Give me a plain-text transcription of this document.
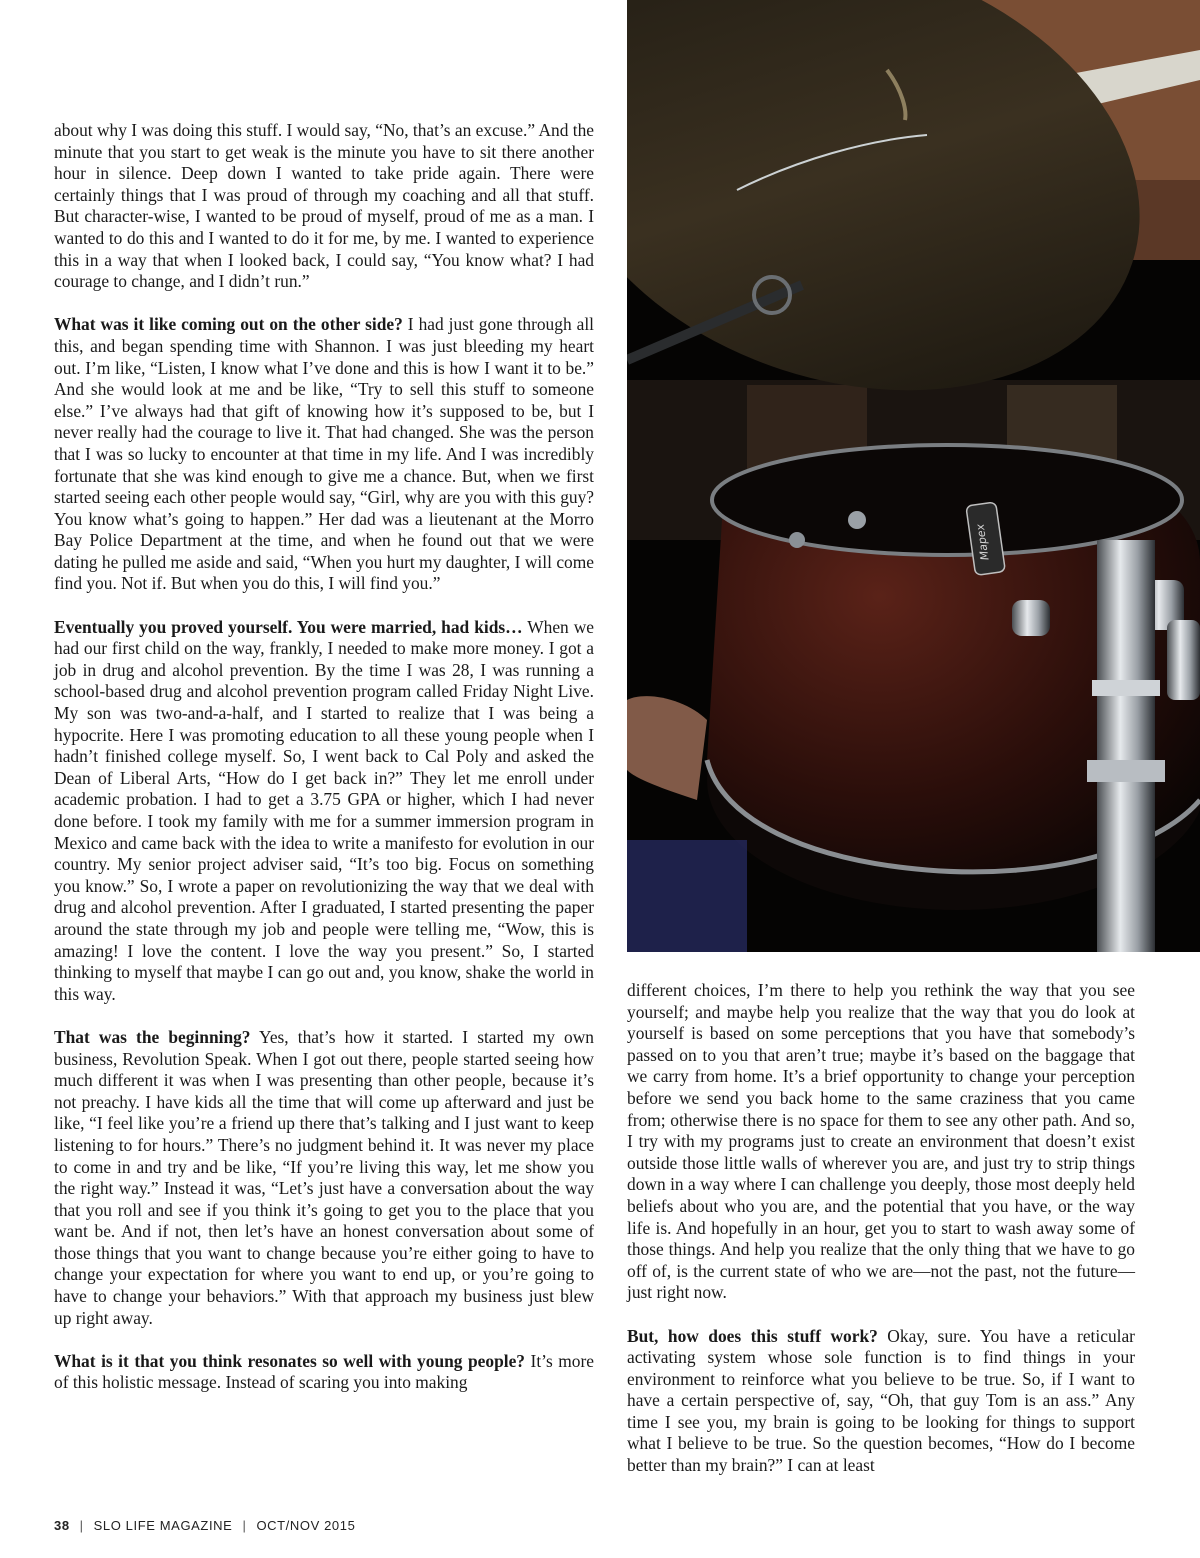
Mapex

about why I was doing this stuff. I would say, “No, that’s an excuse.” And the minute that you start to get weak is the minute you have to sit there another hour in silence. Deep down I wanted to take pride again. There were certainly things that I was proud of through my coaching and all that stuff. But character-wise, I wanted to be proud of myself, proud of me as a man. I wanted to do this and I wanted to do it for me, by me. I wanted to experience this in a way that when I looked back, I could say, “You know what? I had courage to change, and I didn’t run.”

What was it like coming out on the other side? I had just gone through all this, and began spending time with Shannon. I was just bleeding my heart out. I’m like, “Listen, I know what I’ve done and this is how I want it to be.” And she would look at me and be like, “Try to sell this stuff to someone else.” I’ve always had that gift of knowing how it’s supposed to be, but I never really had the courage to live it. That had changed. She was the person that I was so lucky to encounter at that time in my life. And I was incredibly fortunate that she was kind enough to give me a chance. But, when we first started seeing each other people would say, “Girl, why are you with this guy? You know what’s going to happen.” Her dad was a lieutenant at the Morro Bay Police Department at the time, and when he found out that we were dating he pulled me aside and said, “When you hurt my daughter, I will come find you. Not if. But when you do this, I will find you.”

Eventually you proved yourself. You were married, had kids… When we had our first child on the way, frankly, I needed to make more money. I got a job in drug and alcohol prevention. By the time I was 28, I was running a school-based drug and alcohol prevention program called Friday Night Live. My son was two-and-a-half, and I started to realize that I was being a hypocrite. Here I was promoting education to all these young people when I hadn’t finished college myself. So, I went back to Cal Poly and asked the Dean of Liberal Arts, “How do I get back in?” They let me enroll under academic probation. I had to get a 3.75 GPA or higher, which I had never done before. I took my family with me for a summer immersion program in Mexico and came back with the idea to write a manifesto for evolution in our country. My senior project adviser said, “It’s too big. Focus on something you know.” So, I wrote a paper on revolutionizing the way that we deal with drug and alcohol prevention. After I graduated, I started presenting the paper around the state through my job and people were telling me, “Wow, this is amazing! I love the content. I love the way you present.” So, I started thinking to myself that maybe I can go out and, you know, shake the world in this way.

That was the beginning? Yes, that’s how it started. I started my own business, Revolution Speak. When I got out there, people started seeing how much different it was when I was presenting than other people, because it’s not preachy. I have kids all the time that will come up afterward and just be like, “I feel like you’re a friend up there that’s talking and I just want to keep listening to for hours.” There’s no judgment behind it. It was never my place to come in and try and be like, “If you’re living this way, let me show you the right way.” Instead it was, “Let’s just have a conversation about the way that you roll and see if you think it’s going to get you to the place that you want be. And if not, then let’s have an honest conversation about some of those things that you want to change because you’re either going to have to change your expectation for where you want to end up, or you’re going to have to change your behaviors.” With that approach my business just blew up right away.

What is it that you think resonates so well with young people? It’s more of this holistic message. Instead of scaring you into making

different choices, I’m there to help you rethink the way that you see yourself; and maybe help you realize that the way that you do look at yourself is based on some perceptions that you have that somebody’s passed on to you that aren’t true; maybe it’s based on the baggage that we carry from home. It’s a brief opportunity to change your perception before we send you back home to the same craziness that you came from; otherwise there is no space for them to see any other path. And so, I try with my programs just to create an environment that doesn’t exist outside those little walls of wherever you are, and just try to strip things down in a way where I can challenge you deeply, those most deeply held beliefs about who you are, and the potential that you have, or the way life is. And hopefully in an hour, get you to start to wash away some of those things. And help you realize that the only thing that we have to go off of, is the current state of who we are—not the past, not the future—just right now.

But, how does this stuff work? Okay, sure. You have a reticular activating system whose sole function is to find things in your environment to reinforce what you believe to be true. So, if I want to have a certain perspective of, say, “Oh, that guy Tom is an ass.” Any time I see you, my brain is going to be looking for things to support what I believe to be true. So the question becomes, “How do I become better than my brain?” I can at least

38 | SLO LIFE MAGAZINE | OCT/NOV 2015
